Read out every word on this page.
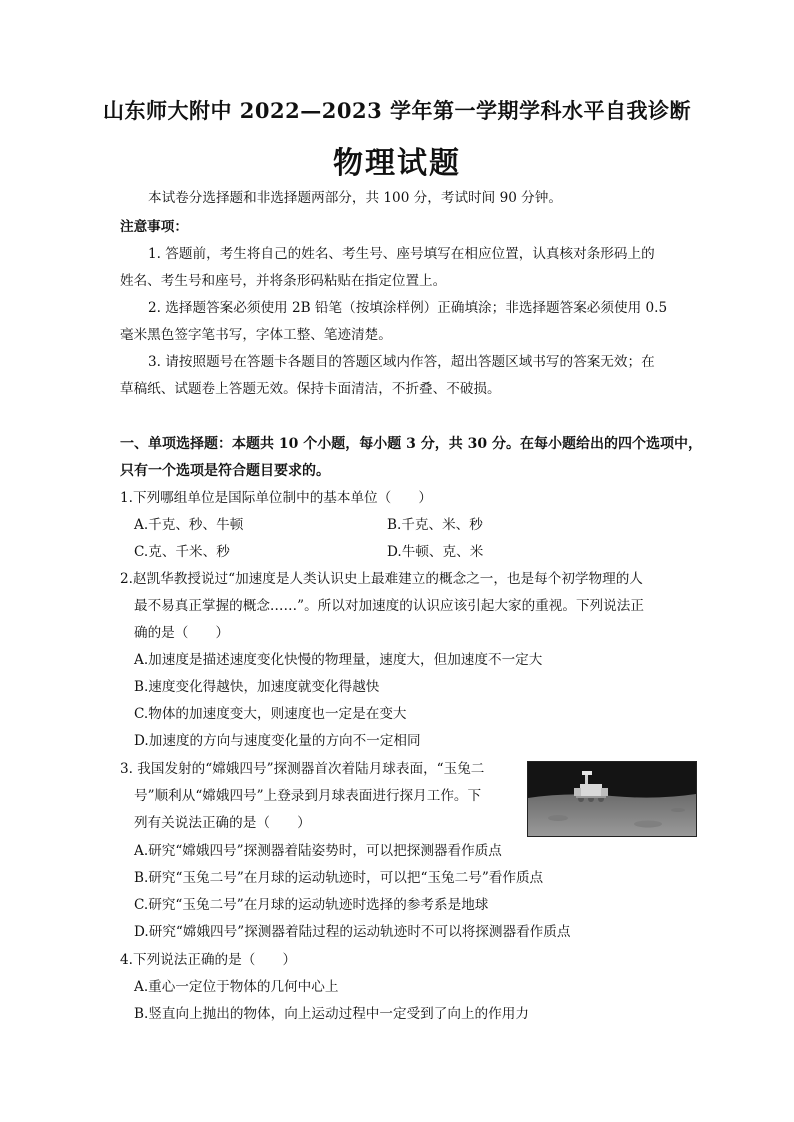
山东师大附中 2022—2023 学年第一学期学科水平自我诊断
物理试题
本试卷分选择题和非选择题两部分，共 100 分，考试时间 90 分钟。
注意事项：
1. 答题前，考生将自己的姓名、考生号、座号填写在相应位置，认真核对条形码上的
姓名、考生号和座号，并将条形码粘贴在指定位置上。
2. 选择题答案必须使用 2B 铅笔（按填涂样例）正确填涂；非选择题答案必须使用 0.5
毫米黑色签字笔书写，字体工整、笔迹清楚。
3. 请按照题号在答题卡各题目的答题区域内作答，超出答题区域书写的答案无效；在
草稿纸、试题卷上答题无效。保持卡面清洁，不折叠、不破损。
一、单项选择题：本题共 10 个小题，每小题 3 分，共 30 分。在每小题给出的四个选项中，
只有一个选项是符合题目要求的。
1.下列哪组单位是国际单位制中的基本单位（　　）
A.千克、秒、牛顿	B.千克、米、秒
C.克、千米、秒	D.牛顿、克、米
2.赵凯华教授说过“加速度是人类认识史上最难建立的概念之一，也是每个初学物理的人
最不易真正掌握的概念……”。所以对加速度的认识应该引起大家的重视。下列说法正
确的是（　　）
A.加速度是描述速度变化快慢的物理量，速度大，但加速度不一定大
B.速度变化得越快，加速度就变化得越快
C.物体的加速度变大，则速度也一定是在变大
D.加速度的方向与速度变化量的方向不一定相同
3. 我国发射的“嫦娥四号”探测器首次着陆月球表面，“玉兔二
号”顺利从“嫦娥四号”上登录到月球表面进行探月工作。下
列有关说法正确的是（　　）
A.研究“嫦娥四号”探测器着陆姿势时，可以把探测器看作质点
B.研究“玉兔二号”在月球的运动轨迹时，可以把“玉兔二号”看作质点
C.研究“玉兔二号”在月球的运动轨迹时选择的参考系是地球
D.研究“嫦娥四号”探测器着陆过程的运动轨迹时不可以将探测器看作质点
4.下列说法正确的是（　　）
A.重心一定位于物体的几何中心上
B.竖直向上抛出的物体，向上运动过程中一定受到了向上的作用力
